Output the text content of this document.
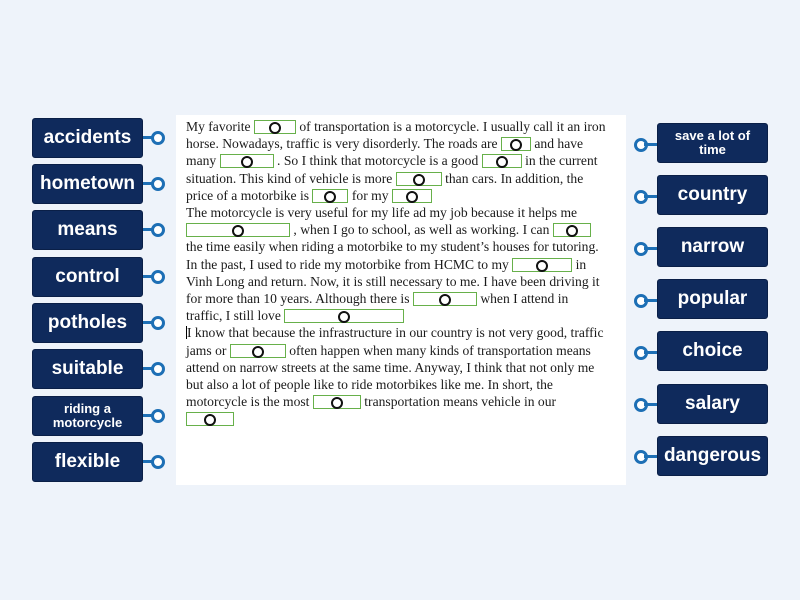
accidents
hometown
means
control
potholes
suitable
riding a motorcycle
flexible
save a lot of time
country
narrow
popular
choice
salary
dangerous

My favorite	of transportation is a motorcycle. I usually call it an iron horse. Nowadays, traffic is very disorderly. The roads are	and have many	. So I think that motorcycle is a good	in the current situation. This kind of vehicle is more	than cars. In addition, the price of a motorbike is	for my

The motorcycle is very useful for my life ad my job because it helps me
, when I go to school, as well as working. I can
the time easily when riding a motorbike to my student’s houses for tutoring. In the past, I used to ride my motorbike from HCMC to my	in Vinh Long and return. Now, it is still necessary to me. I have been driving it for more than 10 years. Although there is	when I attend in traffic, I still love

I know that because the infrastructure in our country is not very good, traffic jams or	often happen when many kinds of transportation means attend on narrow streets at the same time. Anyway, I think that not only me but also a lot of people like to ride motorbikes like me. In short, the motorcycle is the most	transportation means vehicle in our
